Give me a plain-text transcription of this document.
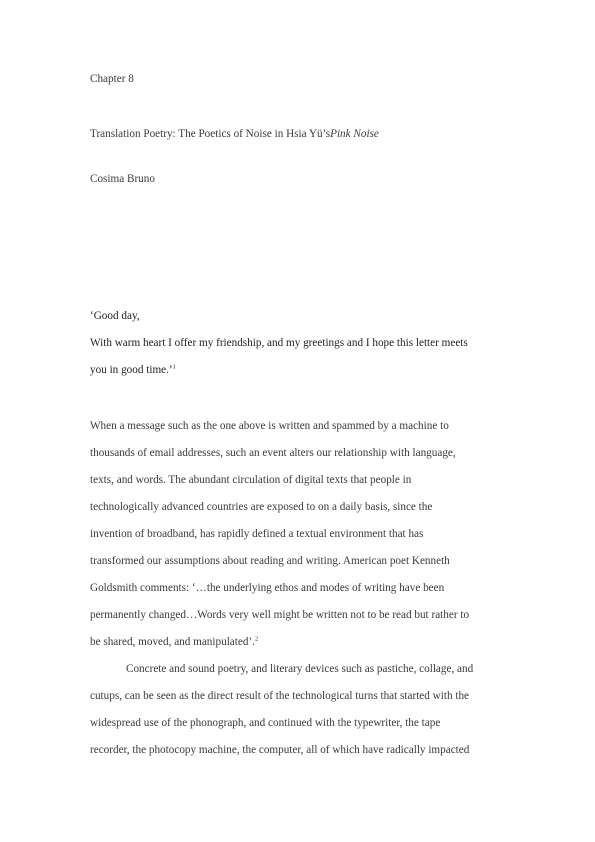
Chapter 8
Translation Poetry: The Poetics of Noise in Hsia Yü’sPink Noise
Cosima Bruno
‘Good day,
With warm heart I offer my friendship, and my greetings and I hope this letter meets
you in good time.’$^1$
When a message such as the one above is written and spammed by a machine to
thousands of email addresses, such an event alters our relationship with language,
texts, and words. The abundant circulation of digital texts that people in
technologically advanced countries are exposed to on a daily basis, since the
invention of broadband, has rapidly defined a textual environment that has
transformed our assumptions about reading and writing. American poet Kenneth
Goldsmith comments: ‘…the underlying ethos and modes of writing have been
permanently changed…Words very well might be written not to be read but rather to
be shared, moved, and manipulated’.$^2$
Concrete and sound poetry, and literary devices such as pastiche, collage, and
cutups, can be seen as the direct result of the technological turns that started with the
widespread use of the phonograph, and continued with the typewriter, the tape
recorder, the photocopy machine, the computer, all of which have radically impacted
